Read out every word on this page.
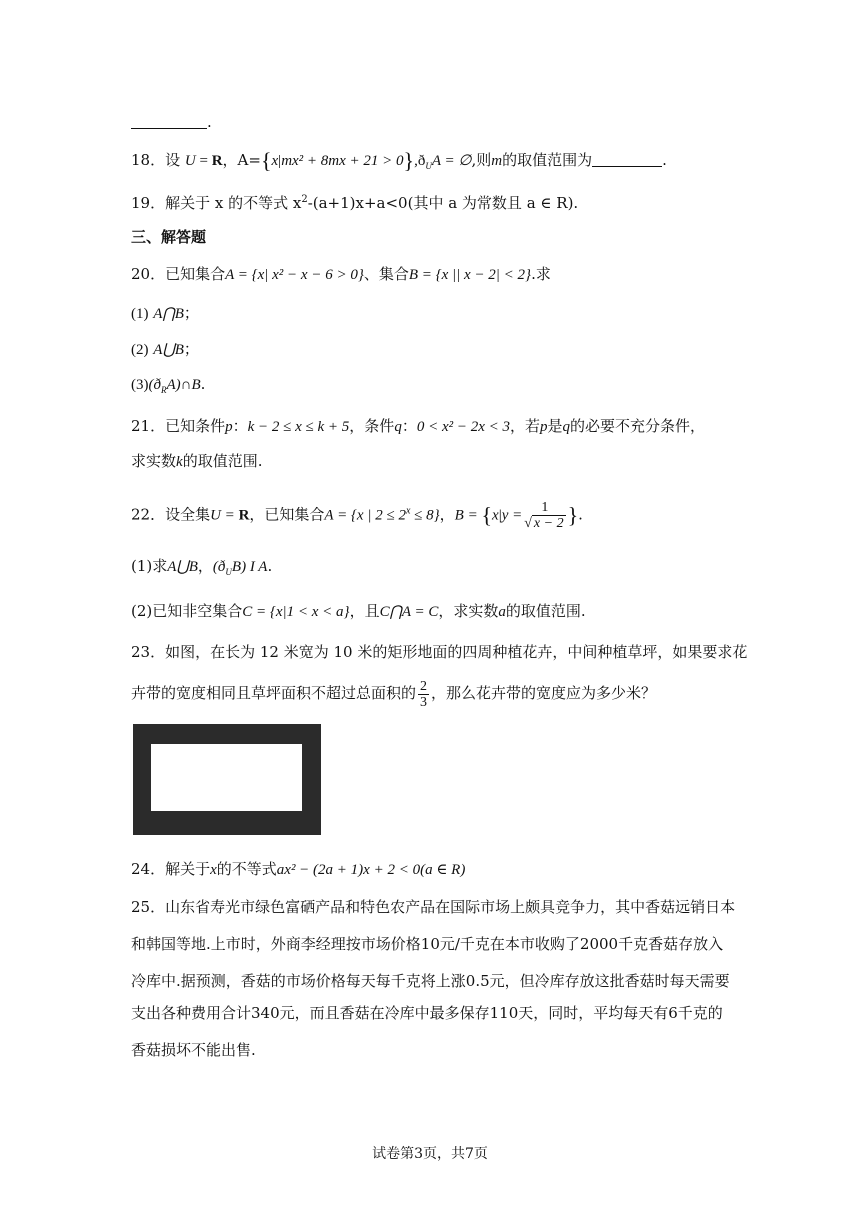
.
18．设 U = R，$A=\{x|mx^2 + 8mx + 21 > 0\},ð_UA$ = ∅,则m的取值范围为	.
19．解关于 x 的不等式 $x^2-(a+1)x+a<0$(其中 a 为常数且 a ∈ R).
三、解答题
20．已知集合A = {x| x² − x − 6 > 0}、集合B = {x || x − 2| < 2}.求
(1) A⋂B；
(2) A⋃B；
$(3)(ð_RA)\cap B$.
21．已知条件p：k − 2 ≤ x ≤ k + 5，条件q：0 < x² − 2x < 3，若p是q的必要不充分条件，
求实数k的取值范围.
22．设全集U = R，已知集合A = {x | $2 \le 2^x \le 8$}，$B = \{x|y = \frac{1}{√ x - 2}$ }.
(1)求A⋃B，$(ð_UB)$ I A.
(2)已知非空集合C = {x|1 < x < a}，且C⋂A = C，求实数a的取值范围.
23．如图，在长为 12 米宽为 10 米的矩形地面的四周种植花卉，中间种植草坪，如果要求花
卉带的宽度相同且草坪面积不超过总面积的 $\frac{2}{3}$ ，那么花卉带的宽度应为多少米？
24．解关于x的不等式ax² − (2a + 1)x + 2 < 0(a ∈ R)
25．山东省寿光市绿色富硒产品和特色农产品在国际市场上颇具竞争力，其中香菇远销日本
和韩国等地.上市时，外商李经理按市场价格10元/千克在本市收购了2000千克香菇存放入
冷库中.据预测，香菇的市场价格每天每千克将上涨0.5元，但冷库存放这批香菇时每天需要
支出各种费用合计340元，而且香菇在冷库中最多保存110天，同时，平均每天有6千克的
香菇损坏不能出售.
试卷第3页，共7页
